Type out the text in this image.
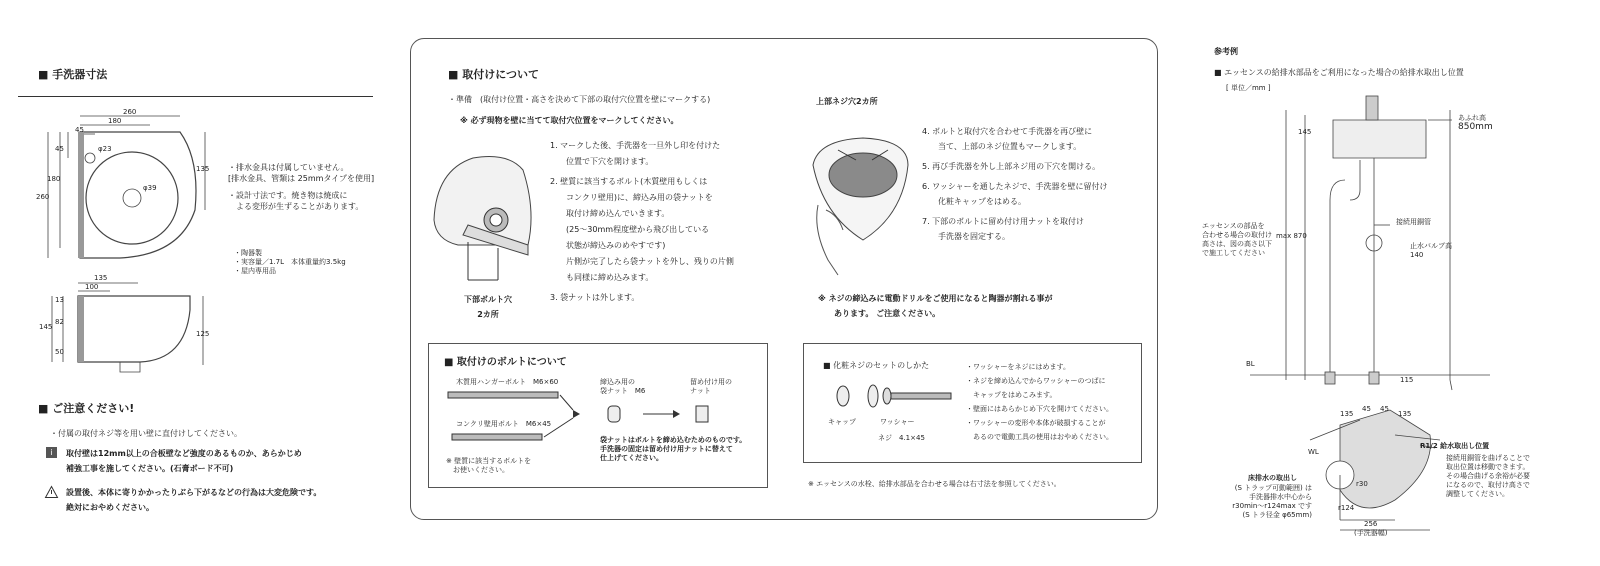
■ 手洗器寸法
260
180
45
φ23
φ39
45
180
260
135
135
100
13
82
50
145
125
・排水金具は付属していません。
[排水金具、管類は 25mmタイプを使用]
・設計寸法です。焼き物は焼成に
　よる変形が生ずることがあります。
・陶器製
・実容量／1.7L　本体重量約3.5kg
・屋内専用品
■ ご注意ください!
・付属の取付ネジ等を用い壁に直付けしてください。
i	取付壁は12mm以上の合板壁など強度のあるものか、あらかじめ
補強工事を施してください。(石膏ボード不可)
設置後、本体に寄りかかったりぶら下がるなどの行為は大変危険です。
絶対におやめください。
■ 取付けについて
・準備　(取付け位置・高さを決めて下部の取付穴位置を壁にマークする)
※ 必ず現物を壁に当てて取付穴位置をマークしてください。
下部ボルト穴
2カ所
1. マークした後、手洗器を一旦外し印を付けた
　　位置で下穴を開けます。
2. 壁質に該当するボルト(木質壁用もしくは
　　コンクリ壁用)に、締込み用の袋ナットを
　　取付け締め込んでいきます。
　　(25〜30mm程度壁から飛び出している
　　状態が締込みのめやすです)
　　片側が完了したら袋ナットを外し、残りの片側
　　も同様に締め込みます。
3. 袋ナットは外します。
上部ネジ穴2カ所
4. ボルトと取付穴を合わせて手洗器を再び壁に
　　当て、上部のネジ位置もマークします。
5. 再び手洗器を外し上部ネジ用の下穴を開ける。
6. ワッシャーを通したネジで、手洗器を壁に留付け
　　化粧キャップをはめる。
7. 下部のボルトに留め付け用ナットを取付け
　　手洗器を固定する。
※ ネジの締込みに電動ドリルをご使用になると陶器が割れる事が
　　あります。 ご注意ください。
■ 取付けのボルトについて
木質用ハンガーボルト　M6×60
コンクリ壁用ボルト　M6×45
締込み用の
袋ナット　M6
留め付け用の
ナット
袋ナットはボルトを締め込むためのものです。
手洗器の固定は留め付け用ナットに替えて
仕上げてください。
※ 壁質に該当するボルトを
　お使いください。
■ 化粧ネジのセットのしかた
キャップ	ワッシャー
ネジ　4.1×45
・ワッシャーをネジにはめます。
・ネジを締め込んでからワッシャーのつばに
　キャップをはめこみます。
・壁面にはあらかじめ下穴を開けてください。
・ワッシャーの変形や本体が破損することが
　あるので電動工具の使用はおやめください。
※ エッセンスの水栓、給排水部品を合わせる場合は右寸法を参照してください。
参考例
■ エッセンスの給排水部品をご利用になった場合の給排水取出し位置
[ 単位／mm ]
あふれ高
850mm
145
max 870
接続用銅管
止水バルブ高
140
エッセンスの部品を
合わせる場合の取付け
高さは、図の高さ以下
で施工してください
BL
115
135
45 45
135
WL
r30
r124
256
(手洗器幅)
R1/2 給水取出し位置
接続用銅管を曲げることで
取出位置は移動できます。
その場合曲げる余裕が必要
になるので、取付け高さで
調整してください。
床排水の取出し
(S トラップ可動範囲) は
手洗器排水中心から
r30min〜r124max です
(S トラ径金 φ65mm)
